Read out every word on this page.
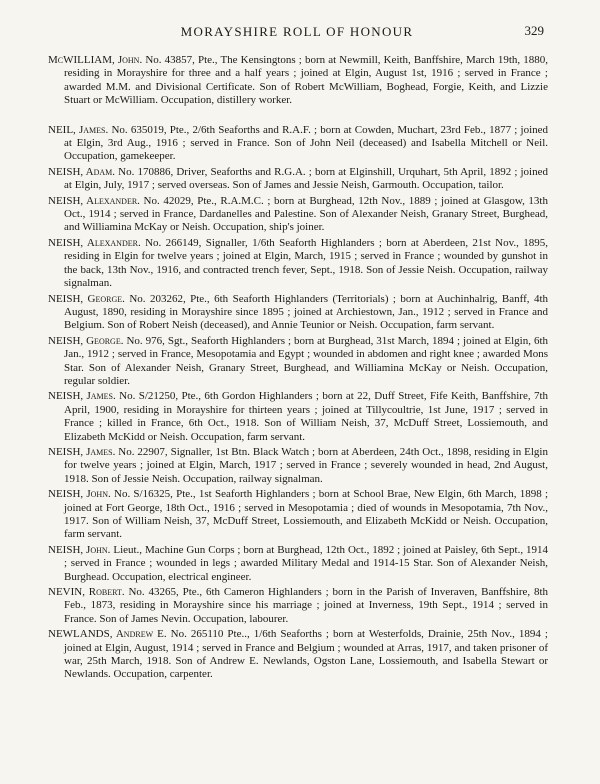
MORAYSHIRE ROLL OF HONOUR	329

McWILLIAM, John. No. 43857, Pte., The Kensingtons ; born at Newmill, Keith, Banffshire, March 19th, 1880, residing in Morayshire for three and a half years ; joined at Elgin, August 1st, 1916 ; served in France ; awarded M.M. and Divisional Certificate. Son of Robert McWilliam, Boghead, Forgie, Keith, and Lizzie Stuart or McWilliam. Occupation, distillery worker.

NEIL, James. No. 635019, Pte., 2/6th Seaforths and R.A.F. ; born at Cowden, Muchart, 23rd Feb., 1877 ; joined at Elgin, 3rd Aug., 1916 ; served in France. Son of John Neil (deceased) and Isabella Mitchell or Neil. Occupation, gamekeeper.

NEISH, Adam. No. 170886, Driver, Seaforths and R.G.A. ; born at Elginshill, Urquhart, 5th April, 1892 ; joined at Elgin, July, 1917 ; served overseas. Son of James and Jessie Neish, Garmouth. Occupation, tailor.

NEISH, Alexander. No. 42029, Pte., R.A.M.C. ; born at Burghead, 12th Nov., 1889 ; joined at Glasgow, 13th Oct., 1914 ; served in France, Dardanelles and Palestine. Son of Alexander Neish, Granary Street, Burghead, and Williamina McKay or Neish. Occupation, ship's joiner.

NEISH, Alexander. No. 266149, Signaller, 1/6th Seaforth Highlanders ; born at Aberdeen, 21st Nov., 1895, residing in Elgin for twelve years ; joined at Elgin, March, 1915 ; served in France ; wounded by gunshot in the back, 13th Nov., 1916, and contracted trench fever, Sept., 1918. Son of Jessie Neish. Occupation, railway signalman.

NEISH, George. No. 203262, Pte., 6th Seaforth Highlanders (Territorials) ; born at Auchinhalrig, Banff, 4th August, 1890, residing in Morayshire since 1895 ; joined at Archiestown, Jan., 1912 ; served in France and Belgium. Son of Robert Neish (deceased), and Annie Teunior or Neish. Occupation, farm servant.

NEISH, George. No. 976, Sgt., Seaforth Highlanders ; born at Burghead, 31st March, 1894 ; joined at Elgin, 6th Jan., 1912 ; served in France, Mesopotamia and Egypt ; wounded in abdomen and right knee ; awarded Mons Star. Son of Alexander Neish, Granary Street, Burghead, and Williamina McKay or Neish. Occupation, regular soldier.

NEISH, James. No. S/21250, Pte., 6th Gordon Highlanders ; born at 22, Duff Street, Fife Keith, Banffshire, 7th April, 1900, residing in Morayshire for thirteen years ; joined at Tillycoultrie, 1st June, 1917 ; served in France ; killed in France, 6th Oct., 1918. Son of William Neish, 37, McDuff Street, Lossiemouth, and Elizabeth McKidd or Neish. Occupation, farm servant.

NEISH, James. No. 22907, Signaller, 1st Btn. Black Watch ; born at Aberdeen, 24th Oct., 1898, residing in Elgin for twelve years ; joined at Elgin, March, 1917 ; served in France ; severely wounded in head, 2nd August, 1918. Son of Jessie Neish. Occupation, railway signalman.

NEISH, John. No. S/16325, Pte., 1st Seaforth Highlanders ; born at School Brae, New Elgin, 6th March, 1898 ; joined at Fort George, 18th Oct., 1916 ; served in Mesopotamia ; died of wounds in Mesopotamia, 7th Nov., 1917. Son of William Neish, 37, McDuff Street, Lossiemouth, and Elizabeth McKidd or Neish. Occupation, farm servant.

NEISH, John. Lieut., Machine Gun Corps ; born at Burghead, 12th Oct., 1892 ; joined at Paisley, 6th Sept., 1914 ; served in France ; wounded in legs ; awarded Military Medal and 1914-15 Star. Son of Alexander Neish, Burghead. Occupation, electrical engineer.

NEVIN, Robert. No. 43265, Pte., 6th Cameron Highlanders ; born in the Parish of Inveraven, Banffshire, 8th Feb., 1873, residing in Morayshire since his marriage ; joined at Inverness, 19th Sept., 1914 ; served in France. Son of James Nevin. Occupation, labourer.

NEWLANDS, Andrew E. No. 265110 Pte.., 1/6th Seaforths ; born at Westerfolds, Drainie, 25th Nov., 1894 ; joined at Elgin, August, 1914 ; served in France and Belgium ; wounded at Arras, 1917, and taken prisoner of war, 25th March, 1918. Son of Andrew E. Newlands, Ogston Lane, Lossiemouth, and Isabella Stewart or Newlands. Occupation, carpenter.
